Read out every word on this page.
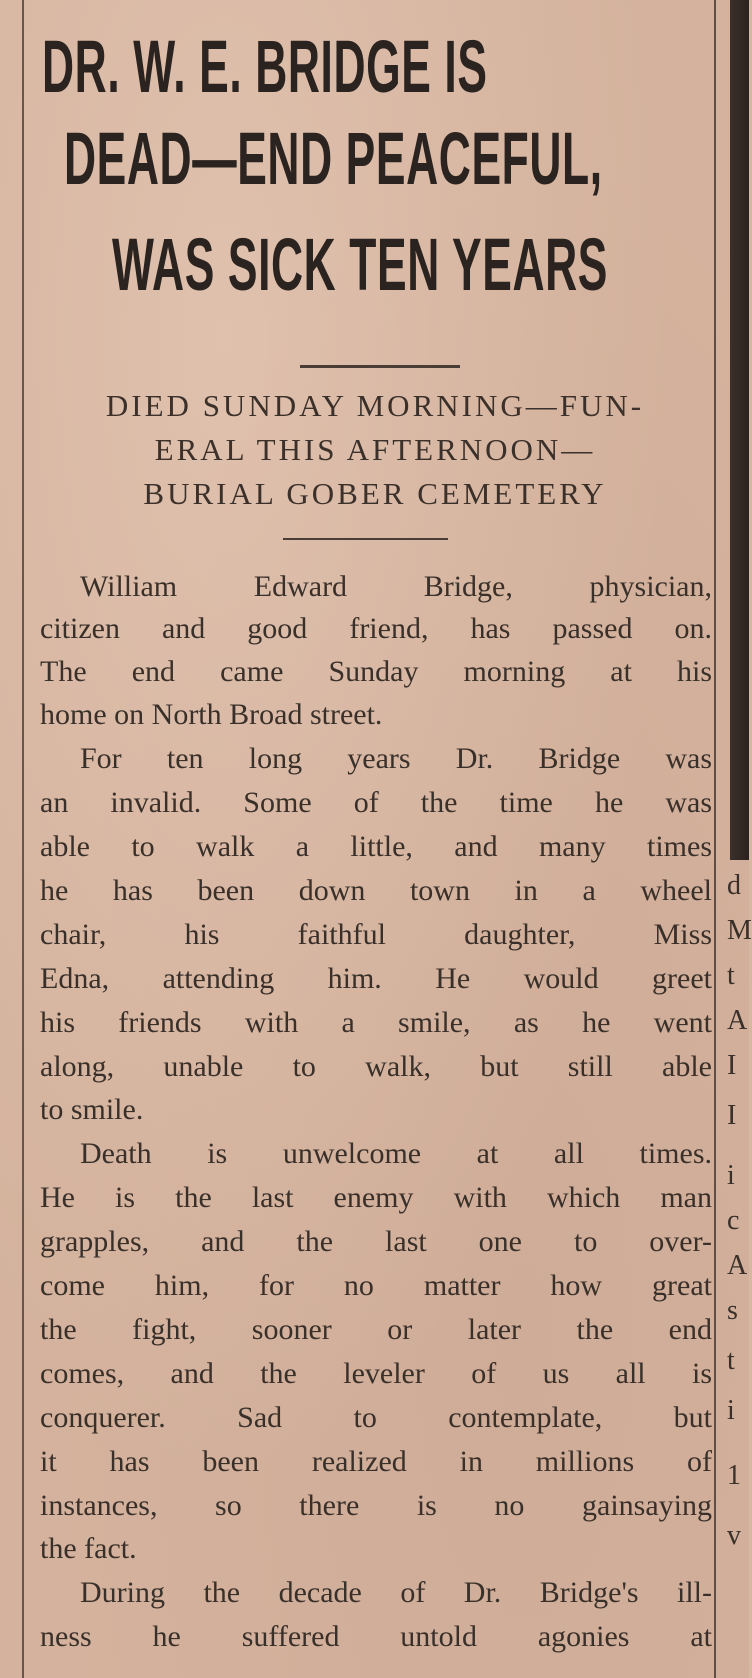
DR. W. E. BRIDGE IS
DEAD—END PEACEFUL,
WAS SICK TEN YEARS
DIED SUNDAY MORNING—FUN-
ERAL THIS AFTERNOON—
BURIAL GOBER CEMETERY
William Edward Bridge, physician,
citizen and good friend, has passed on.
The end came Sunday morning at his
home on North Broad street.
For ten long years Dr. Bridge was
an invalid. Some of the time he was
able to walk a little, and many times
he has been down town in a wheel
chair, his faithful daughter, Miss
Edna, attending him. He would greet
his friends with a smile, as he went
along, unable to walk, but still able
to smile.
Death is unwelcome at all times.
He is the last enemy with which man
grapples, and the last one to over-
come him, for no matter how great
the fight, sooner or later the end
comes, and the leveler of us all is
conquerer. Sad to contemplate, but
it has been realized in millions of
instances, so there is no gainsaying
the fact.
During the decade of Dr. Bridge's ill-
ness he suffered untold agonies at
d
M
t
A
I
I
i
c
A
s
t
i
1
v
